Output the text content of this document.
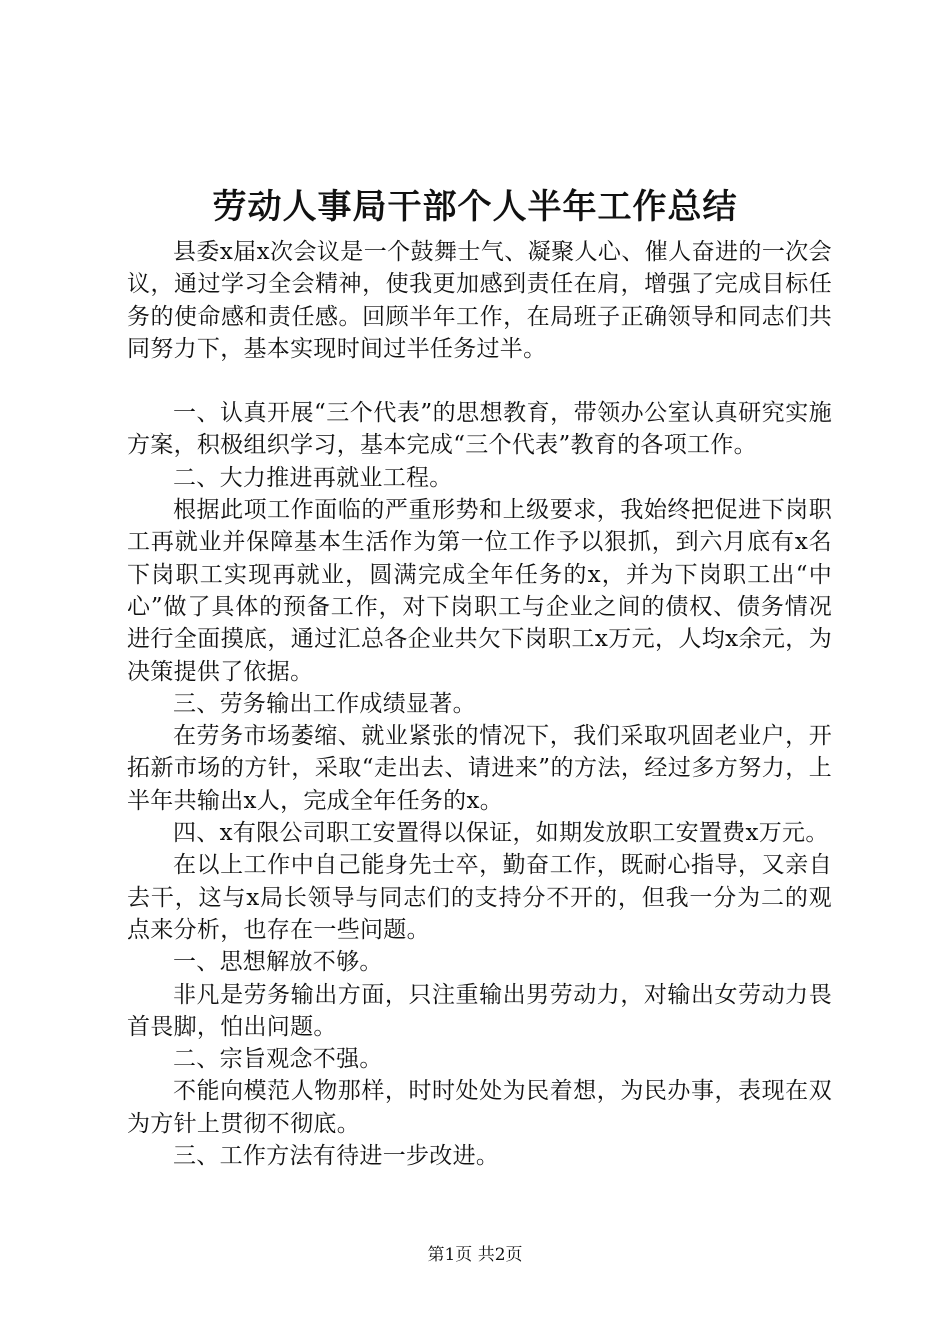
劳动人事局干部个人半年工作总结

县委x届x次会议是一个鼓舞士气、凝聚人心、催人奋进的一次会议，通过学习全会精神，使我更加感到责任在肩，增强了完成目标任务的使命感和责任感。回顾半年工作，在局班子正确领导和同志们共同努力下，基本实现时间过半任务过半。

一、认真开展“三个代表”的思想教育，带领办公室认真研究实施方案，积极组织学习，基本完成“三个代表”教育的各项工作。

二、大力推进再就业工程。

根据此项工作面临的严重形势和上级要求，我始终把促进下岗职工再就业并保障基本生活作为第一位工作予以狠抓，到六月底有x名下岗职工实现再就业，圆满完成全年任务的x，并为下岗职工出“中心”做了具体的预备工作，对下岗职工与企业之间的债权、债务情况进行全面摸底，通过汇总各企业共欠下岗职工x万元，人均x余元，为决策提供了依据。

三、劳务输出工作成绩显著。

在劳务市场萎缩、就业紧张的情况下，我们采取巩固老业户，开拓新市场的方针，采取“走出去、请进来”的方法，经过多方努力，上半年共输出x人，完成全年任务的x。

四、x有限公司职工安置得以保证，如期发放职工安置费x万元。

在以上工作中自己能身先士卒，勤奋工作，既耐心指导，又亲自去干，这与x局长领导与同志们的支持分不开的，但我一分为二的观点来分析，也存在一些问题。

一、思想解放不够。

非凡是劳务输出方面，只注重输出男劳动力，对输出女劳动力畏首畏脚，怕出问题。

二、宗旨观念不强。

不能向模范人物那样，时时处处为民着想，为民办事，表现在双为方针上贯彻不彻底。

三、工作方法有待进一步改进。

第1页 共2页
